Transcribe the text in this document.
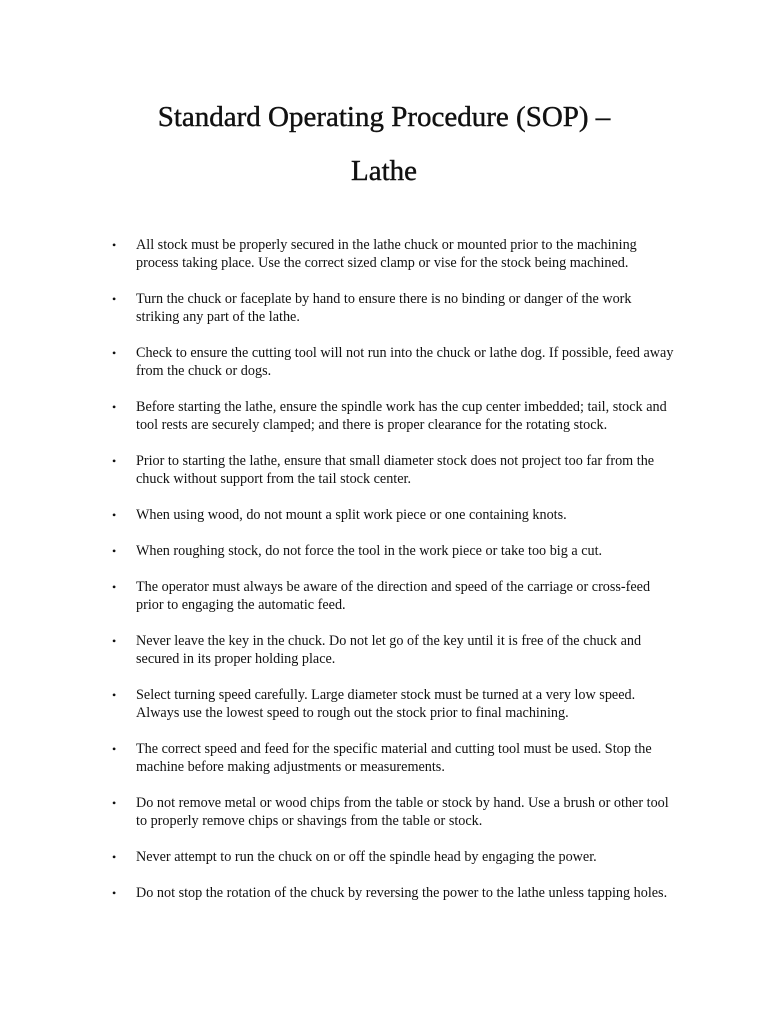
Standard Operating Procedure (SOP) –
Lathe
• All stock must be properly secured in the lathe chuck or mounted prior to the machining process taking place. Use the correct sized clamp or vise for the stock being machined.
• Turn the chuck or faceplate by hand to ensure there is no binding or danger of the work striking any part of the lathe.
• Check to ensure the cutting tool will not run into the chuck or lathe dog. If possible, feed away from the chuck or dogs.
• Before starting the lathe, ensure the spindle work has the cup center imbedded; tail, stock and tool rests are securely clamped; and there is proper clearance for the rotating stock.
• Prior to starting the lathe, ensure that small diameter stock does not project too far from the chuck without support from the tail stock center.
• When using wood, do not mount a split work piece or one containing knots.
• When roughing stock, do not force the tool in the work piece or take too big a cut.
• The operator must always be aware of the direction and speed of the carriage or cross-feed prior to engaging the automatic feed.
• Never leave the key in the chuck. Do not let go of the key until it is free of the chuck and secured in its proper holding place.
• Select turning speed carefully. Large diameter stock must be turned at a very low speed. Always use the lowest speed to rough out the stock prior to final machining.
• The correct speed and feed for the specific material and cutting tool must be used. Stop the machine before making adjustments or measurements.
• Do not remove metal or wood chips from the table or stock by hand. Use a brush or other tool to properly remove chips or shavings from the table or stock.
• Never attempt to run the chuck on or off the spindle head by engaging the power.
• Do not stop the rotation of the chuck by reversing the power to the lathe unless tapping holes.
